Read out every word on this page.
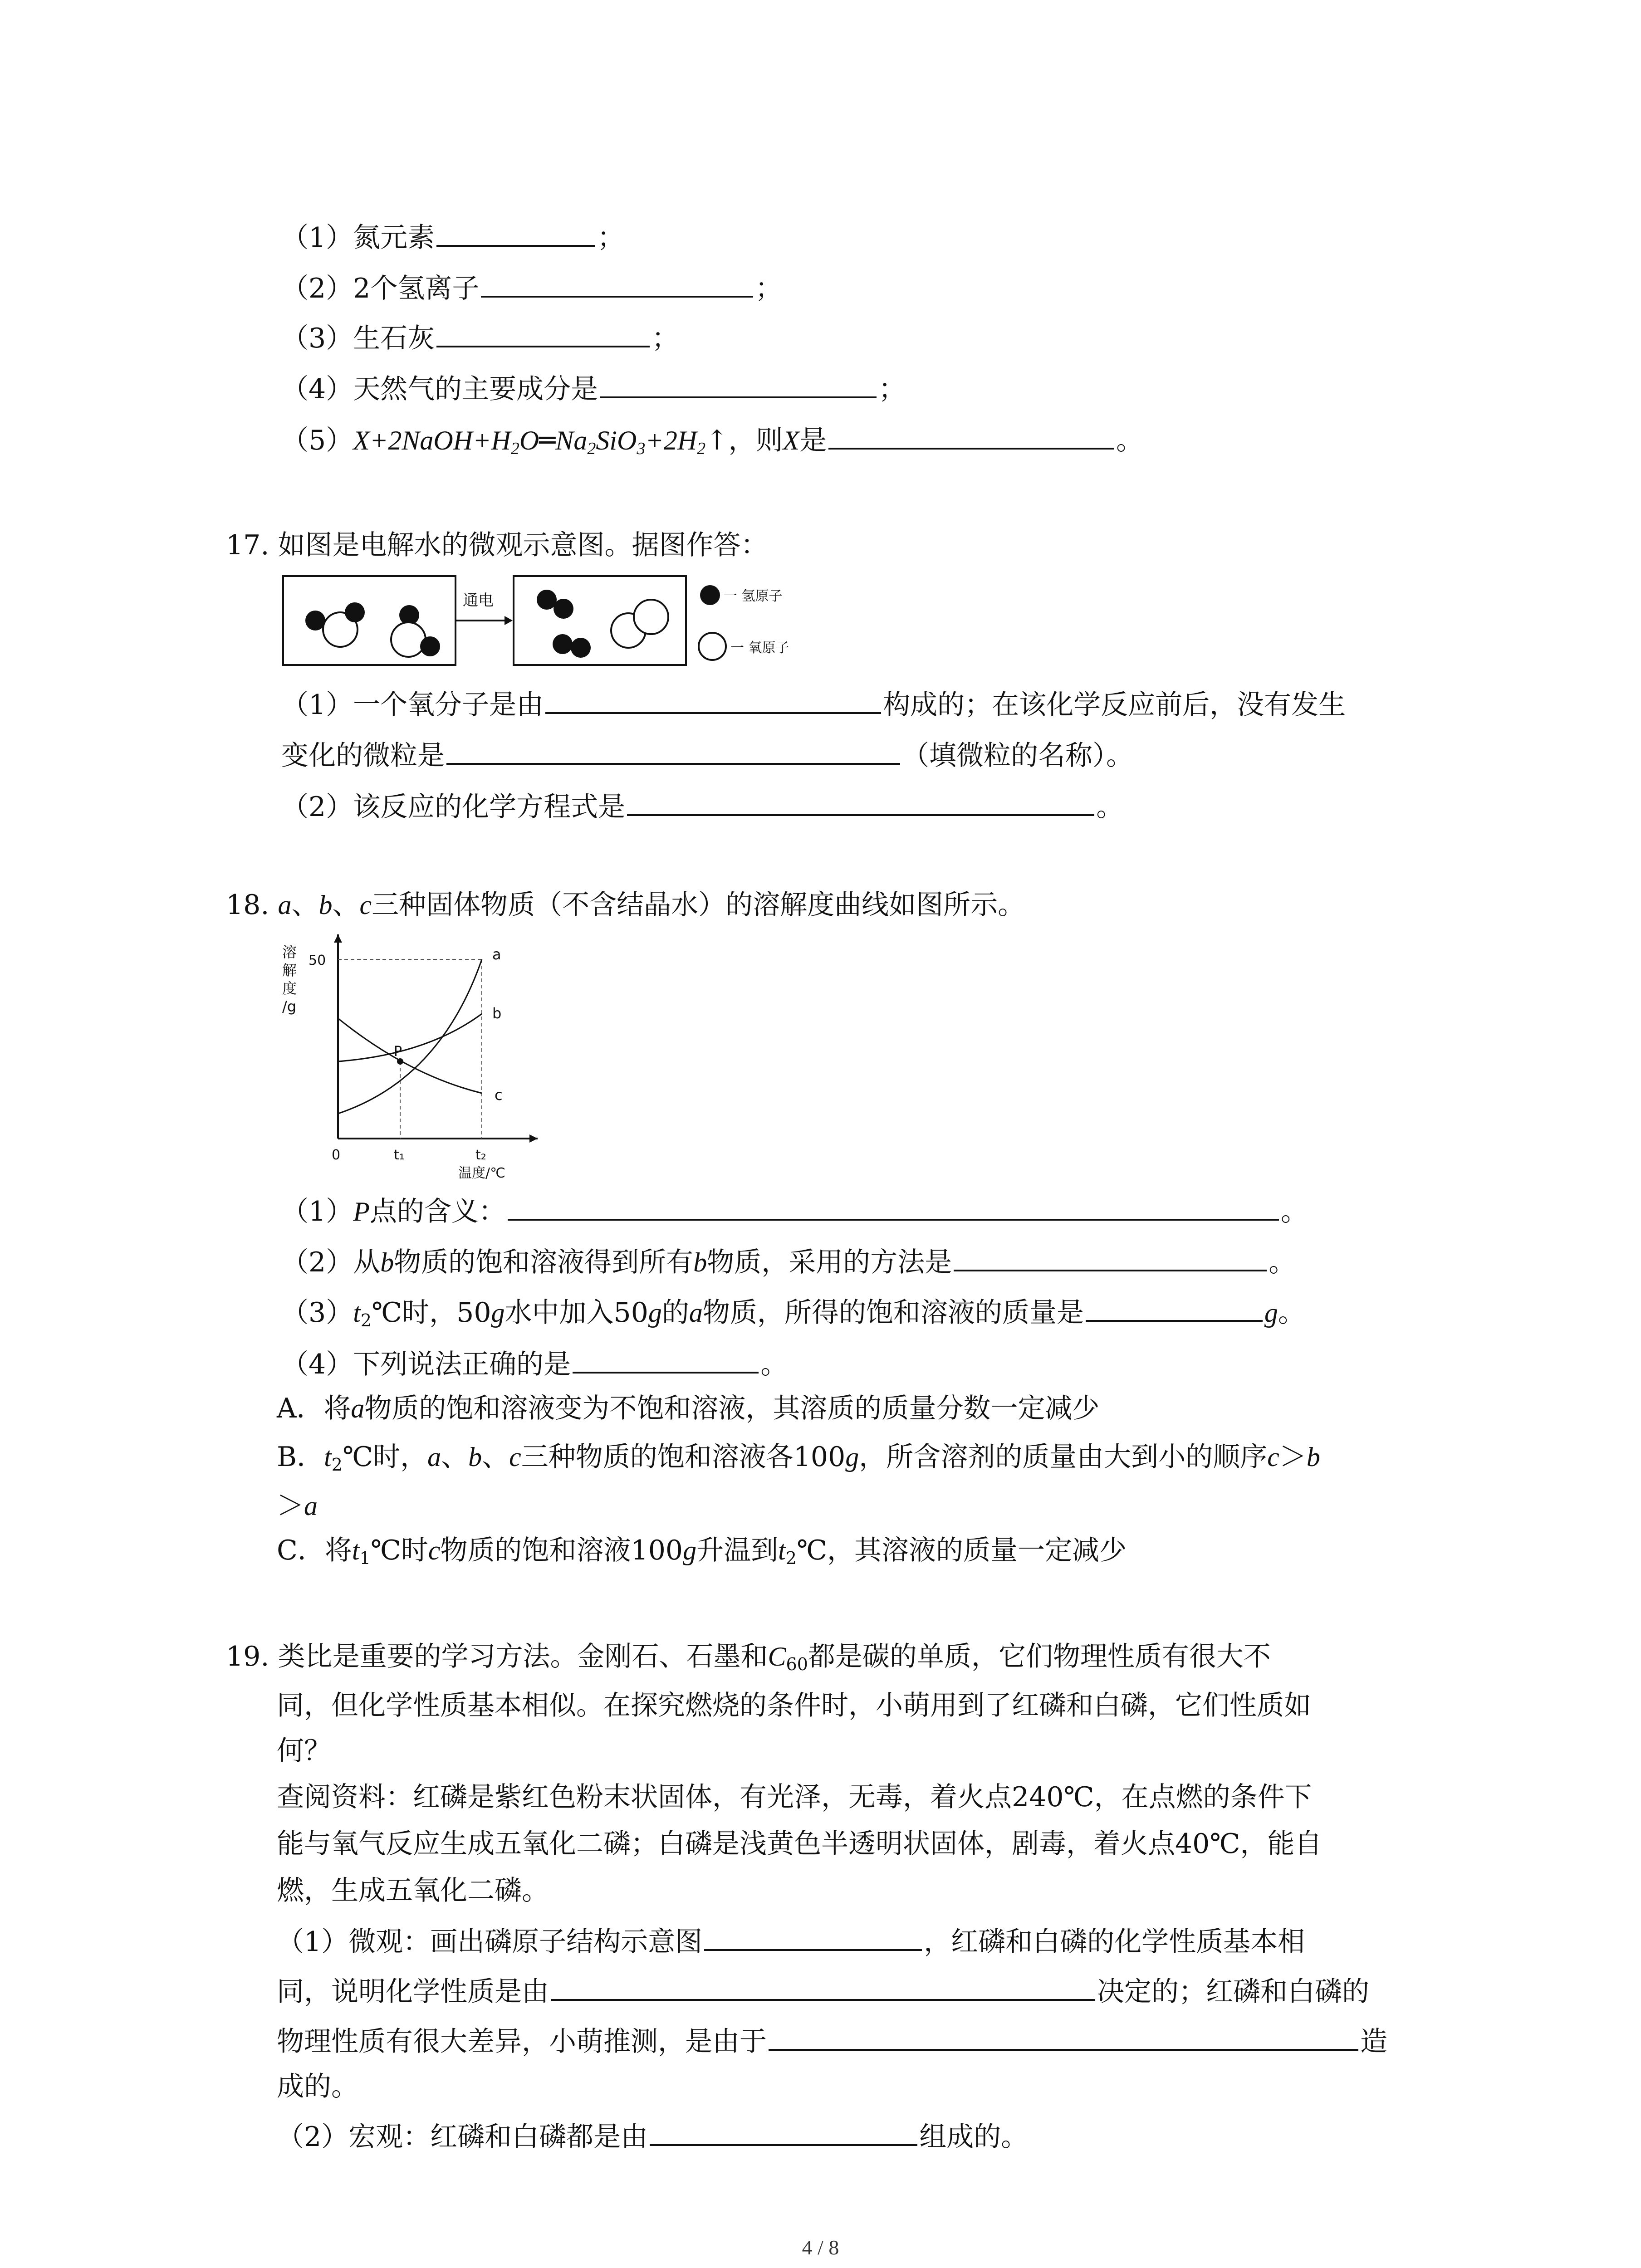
（1）氮元素	；
（2）2个氢离子	；
（3）生石灰	；
（4）天然气的主要成分是	；
$(5)X+2NaOH+H_2O═Na_2SiO_3+2H_2↑$，则X是	。
17. 如图是电解水的微观示意图。据图作答：
通电	一 氢原子
一 氧原子
（1）一个氧分子是由	构成的；在该化学反应前后，没有发生
变化的微粒是	（填微粒的名称）。
（2）该反应的化学方程式是	。
18. a、b、c三种固体物质（不含结晶水）的溶解度曲线如图所示。
溶
解
度
/g
50
0	t₁	t₂
温度/℃
a
b
c
P
（1）P点的含义：	。
（2）从b物质的饱和溶液得到所有b物质，采用的方法是	。
$(3)t_2℃$时，50g水中加入50g的a物质，所得的饱和溶液的质量是	g。
（4）下列说法正确的是	。
A．将a物质的饱和溶液变为不饱和溶液，其溶质的质量分数一定减少
B．$t_2℃$时，a、b、c三种物质的饱和溶液各100g，所含溶剂的质量由大到小的顺序c＞b
＞a
C．将$t_1℃$时c物质的饱和溶液100g升温到$t_2℃$，其溶液的质量一定减少
19. 类比是重要的学习方法。金刚石、石墨和$C_{60}$都是碳的单质，它们物理性质有很大不
同，但化学性质基本相似。在探究燃烧的条件时，小萌用到了红磷和白磷，它们性质如
何？
查阅资料：红磷是紫红色粉末状固体，有光泽，无毒，着火点240℃，在点燃的条件下
能与氧气反应生成五氧化二磷；白磷是浅黄色半透明状固体，剧毒，着火点40℃，能自
燃，生成五氧化二磷。
（1）微观：画出磷原子结构示意图	，红磷和白磷的化学性质基本相
同，说明化学性质是由	决定的；红磷和白磷的
物理性质有很大差异，小萌推测，是由于	造
成的。
（2）宏观：红磷和白磷都是由	组成的。
4 / 8
